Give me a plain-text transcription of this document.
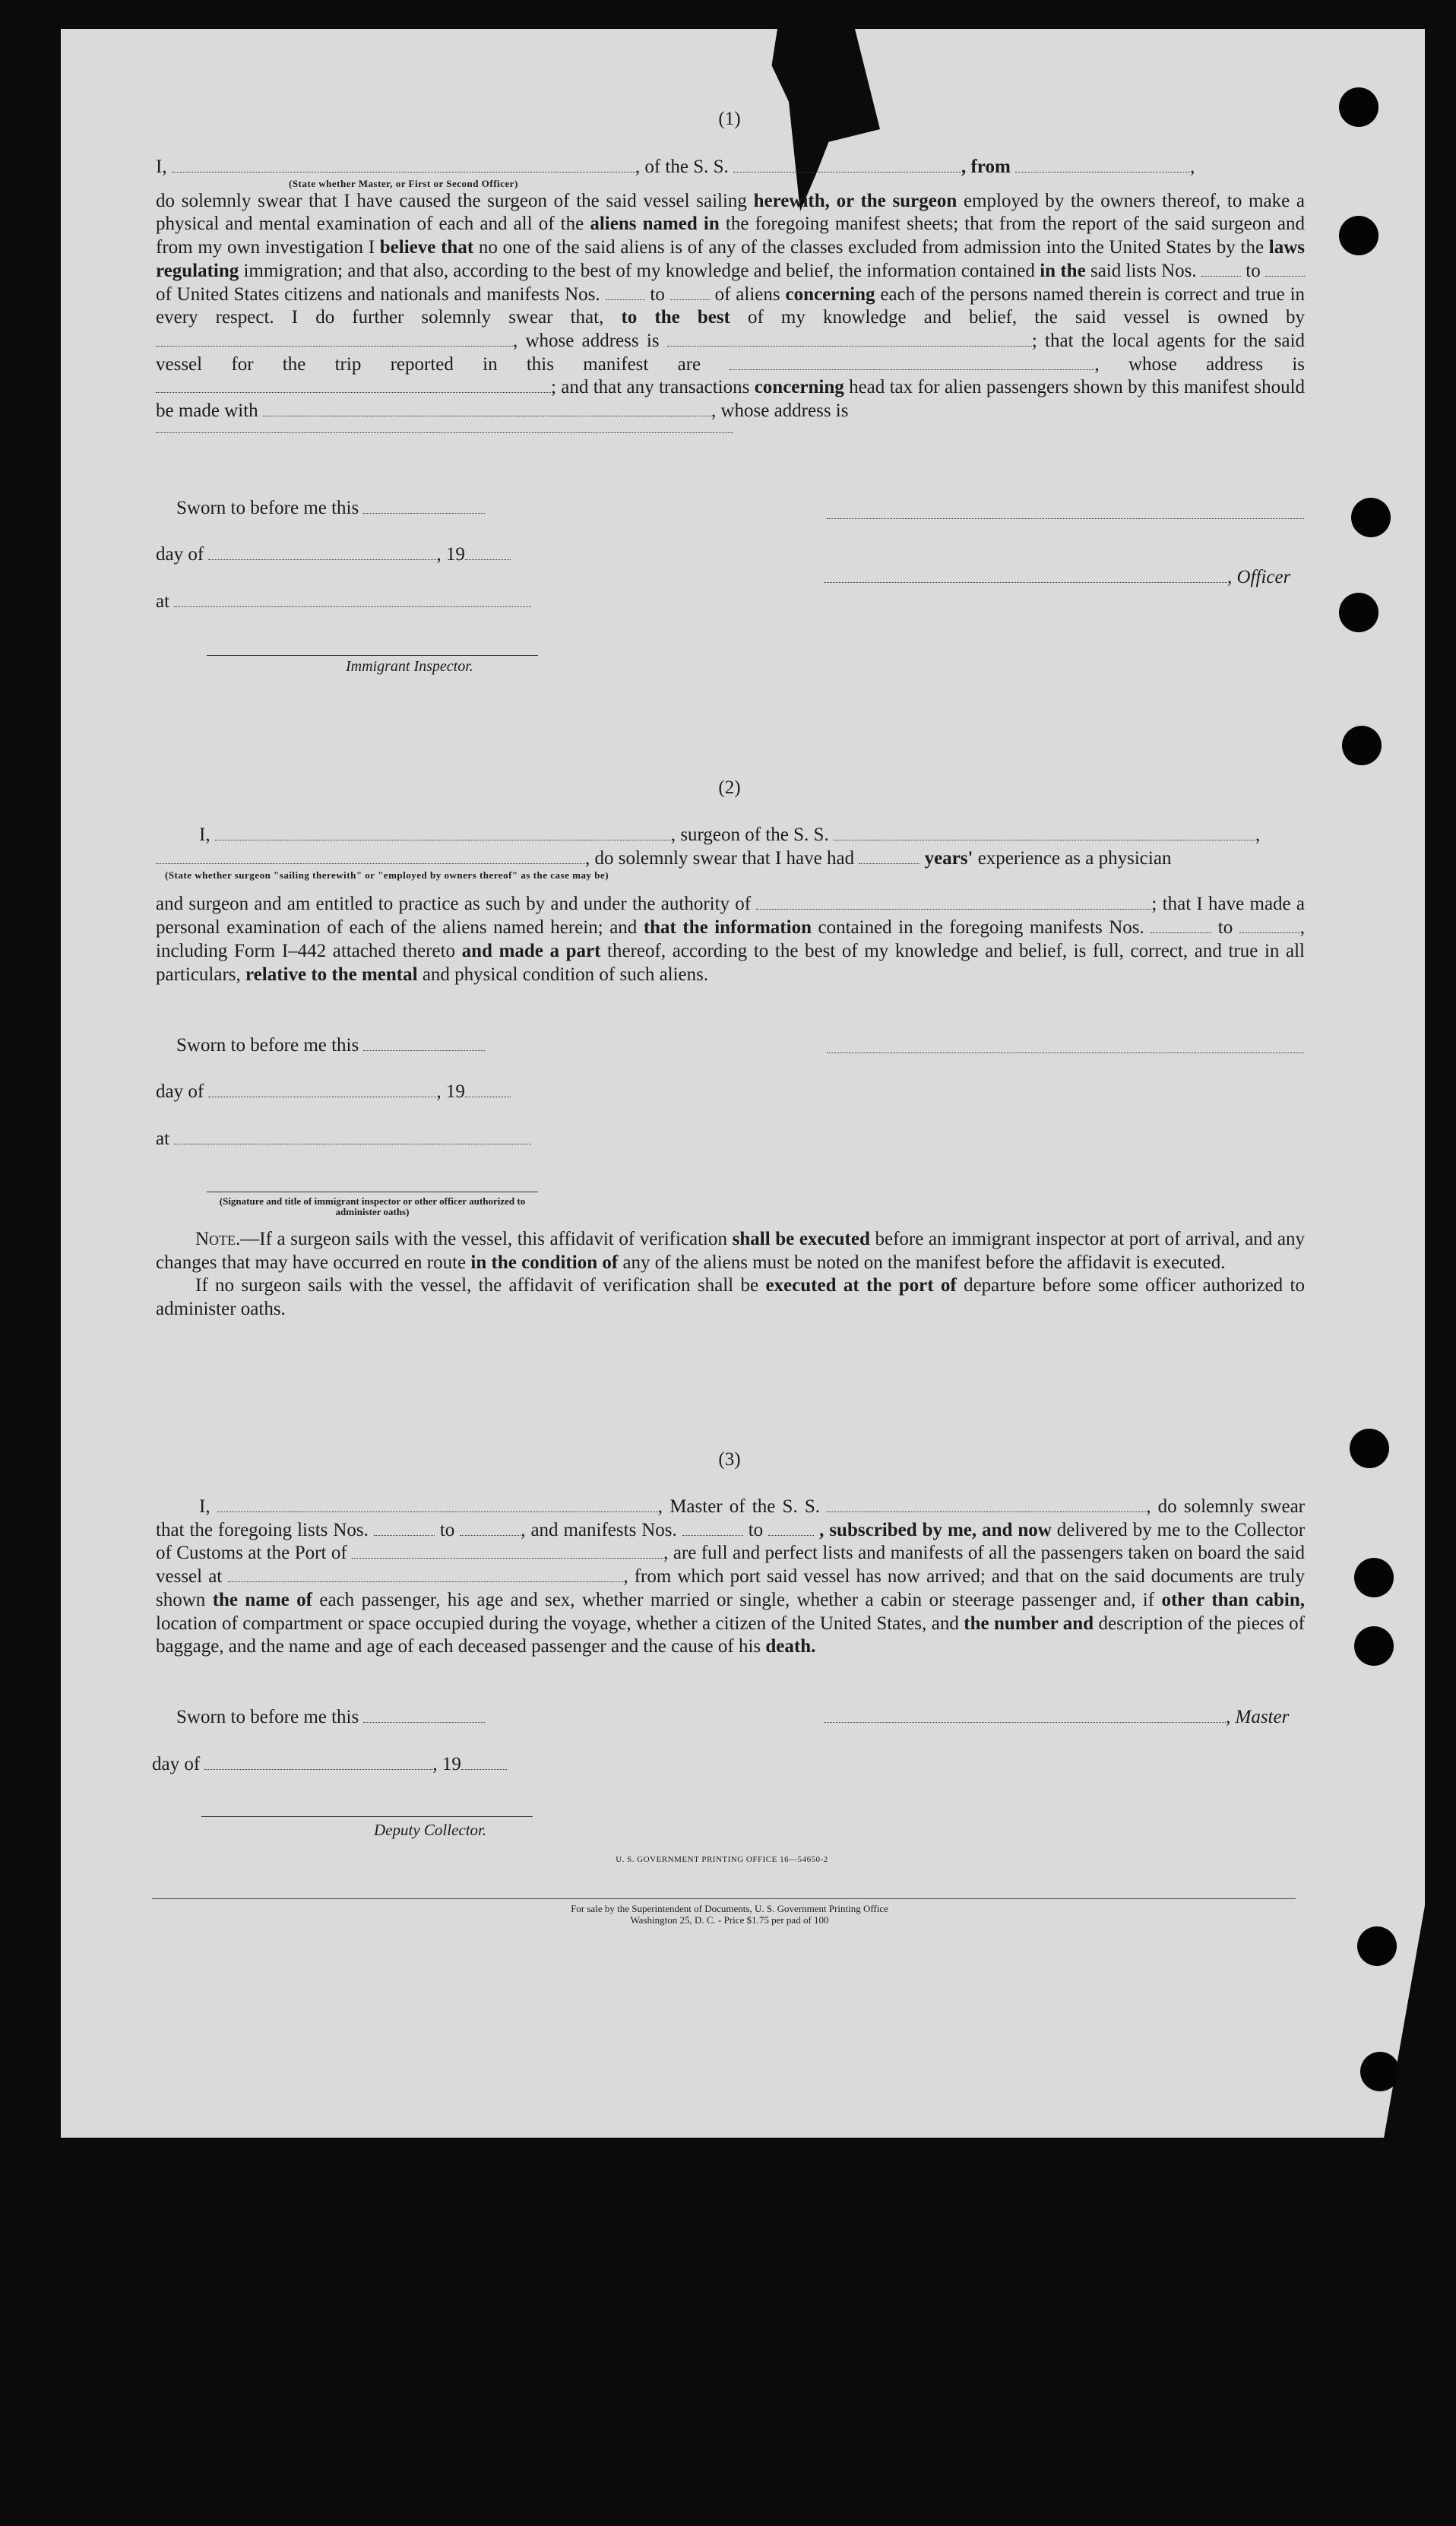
(1)
I,	, of the S. S.	, from	,
(State whether Master, or First or Second Officer)

do solemnly swear that I have caused the surgeon of the said vessel sailing herewith, or the surgeon employed by the owners thereof, to make a physical and mental examination of each and all of the aliens named in the foregoing manifest sheets; that from the report of the said surgeon and from my own investigation I believe that no one of the said aliens is of any of the classes excluded from admission into the United States by the laws regulating immigration; and that also, according to the best of my knowledge and belief, the information contained in the said lists Nos.	to  of United States citizens and nationals and manifests Nos.	to	of aliens concerning each of the persons named therein is correct and true in every respect. I do further solemnly swear that, to the best of my knowledge and belief, the said vessel is owned by , whose address is	; that the local agents for the said vessel for the trip reported in this manifest are	, whose address is ; and that any transactions concerning head tax for alien passengers shown by this manifest should be made with	, whose address is

Sworn to before me this
day of	, 19
, Officer
at
Immigrant Inspector.
(2)
I,	, surgeon of the S. S.	,
, do solemnly swear that I have had	years' experience as a physician
(State whether surgeon "sailing therewith" or "employed by owners thereof" as the case may be)

and surgeon and am entitled to practice as such by and under the authority of	; that I have made a personal examination of each of the aliens named herein; and that the information contained in the foregoing manifests Nos.	to	, including Form I–442 attached thereto and made a part thereof, according to the best of my knowledge and belief, is full, correct, and true in all particulars, relative to the mental and physical condition of such aliens.

Sworn to before me this
day of	, 19
at
(Signature and title of immigrant inspector or other officer authorized to administer oaths)

Note.—If a surgeon sails with the vessel, this affidavit of verification shall be executed before an immigrant inspector at port of arrival, and any changes that may have occurred en route in the condition of any of the aliens must be noted on the manifest before the affidavit is executed.

If no surgeon sails with the vessel, the affidavit of verification shall be executed at the port of departure before some officer authorized to administer oaths.

(3)

I,	, Master of the S. S.	, do solemnly swear that the foregoing lists Nos.	to	, and manifests Nos.	to	, subscribed by me, and now delivered by me to the Collector of Customs at the Port of	, are full and perfect lists and manifests of all the passengers taken on board the said vessel at	, from which port said vessel has now arrived; and that on the said documents are truly shown the name of each passenger, his age and sex, whether married or single, whether a cabin or steerage passenger and, if other than cabin, location of compartment or space occupied during the voyage, whether a citizen of the United States, and the number and description of the pieces of baggage, and the name and age of each deceased passenger and the cause of his death.

Sworn to before me this	, Master
day of	, 19
Deputy Collector.
U. S. GOVERNMENT PRINTING OFFICE 16—54650-2
For sale by the Superintendent of Documents, U. S. Government Printing Office
Washington 25, D. C. - Price $1.75 per pad of 100
